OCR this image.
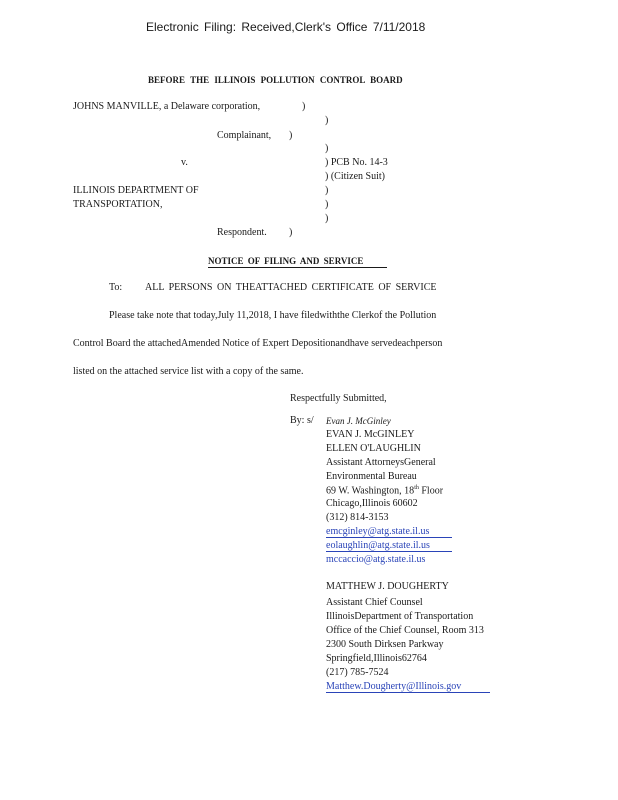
Electronic Filing: Received,Clerk's Office 7/11/2018
BEFORE THE ILLINOIS POLLUTION CONTROL BOARD
JOHNS MANVILLE, a Delaware corporation,	)
)
Complainant, )
)
v.	) PCB No. 14-3
) (Citizen Suit)
ILLINOIS DEPARTMENT OF	)
TRANSPORTATION,	)
)
Respondent. )
NOTICE OF FILING AND SERVICE
To: ALL PERSONS ON THEATTACHED CERTIFICATE OF SERVICE
Please take note that today,July 11,2018, I have filedwiththe Clerkof the Pollution
Control Board the attachedAmended Notice of Expert Depositionandhave servedeachperson
listed on the attached service list with a copy of the same.
Respectfully Submitted,
By: s/ Evan J. McGinley
EVAN J. McGINLEY
ELLEN O'LAUGHLIN
Assistant AttorneysGeneral
Environmental Bureau
69 W. Washington, 18th Floor
Chicago,Illinois 60602
(312) 814-3153
emcginley@atg.state.il.us
eolaughlin@atg.state.il.us
mccaccio@atg.state.il.us
MATTHEW J. DOUGHERTY
Assistant Chief Counsel
IllinoisDepartment of Transportation
Office of the Chief Counsel, Room 313
2300 South Dirksen Parkway
Springfield,Illinois62764
(217) 785-7524
Matthew.Dougherty@Illinois.gov
